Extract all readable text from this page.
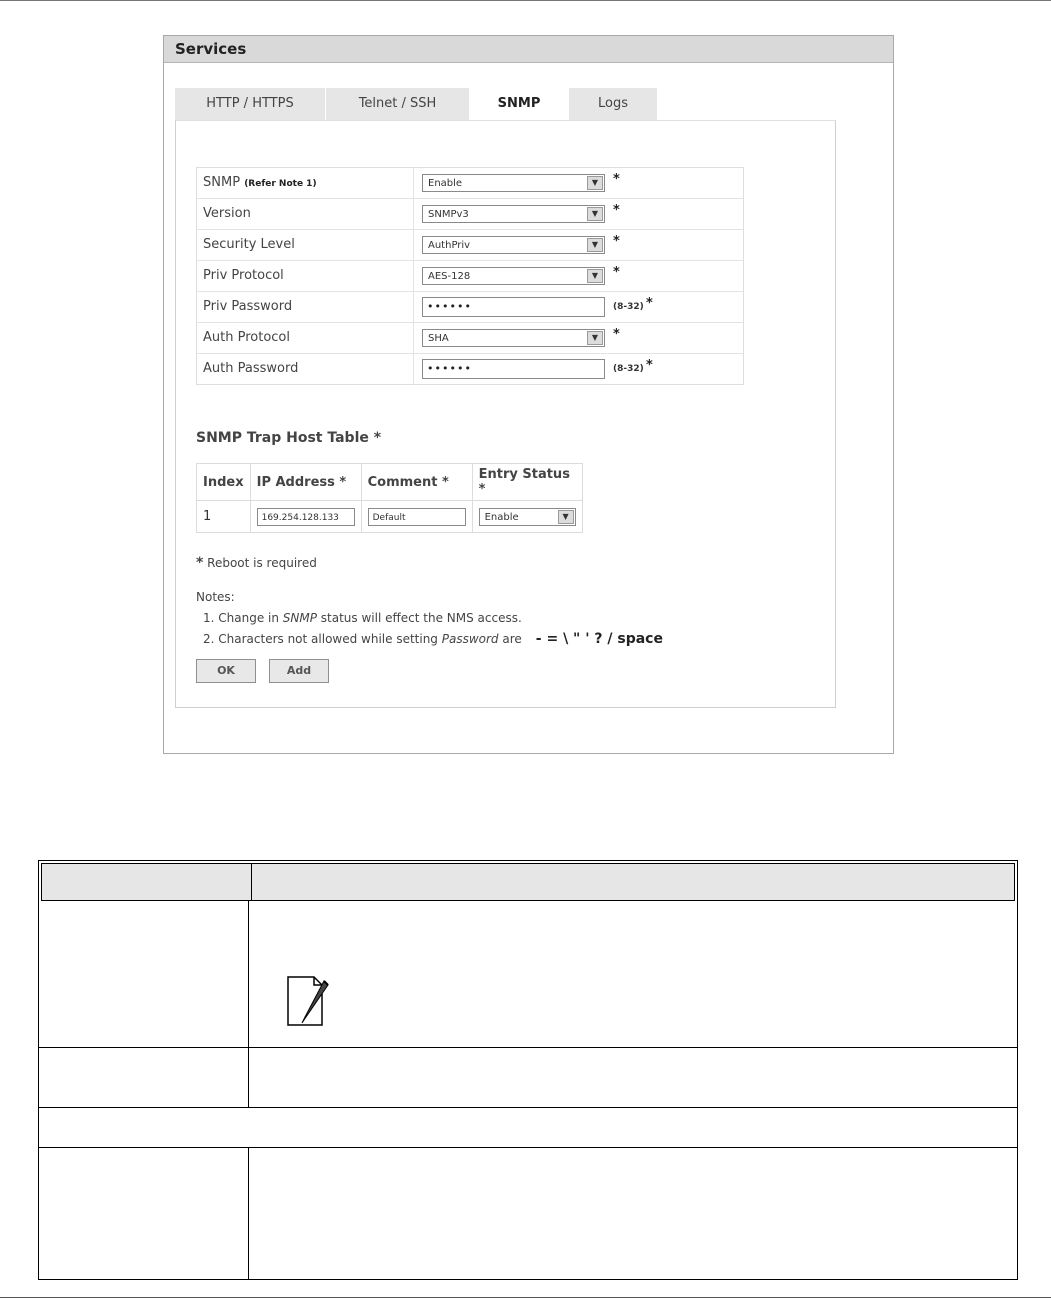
Services
HTTP / HTTPS	Telnet / SSH	SNMP	Logs
SNMP (Refer Note 1)	Enable	▼	*
Version	SNMPv3	▼	*
Security Level	AuthPriv	▼	*
Priv Protocol	AES-128	▼	*
Priv Password	••••••	(8-32) *
Auth Protocol	SHA	▼	*
Auth Password	••••••	(8-32) *
SNMP Trap Host Table *
Index	IP Address *	Comment *	Entry Status *
1	169.254.128.133	Default	Enable ▼
* Reboot is required
Notes:
1. Change in SNMP status will effect the NMS access.
2. Characters not allowed while setting Password are - = \ " ' ? / space
OK	Add
